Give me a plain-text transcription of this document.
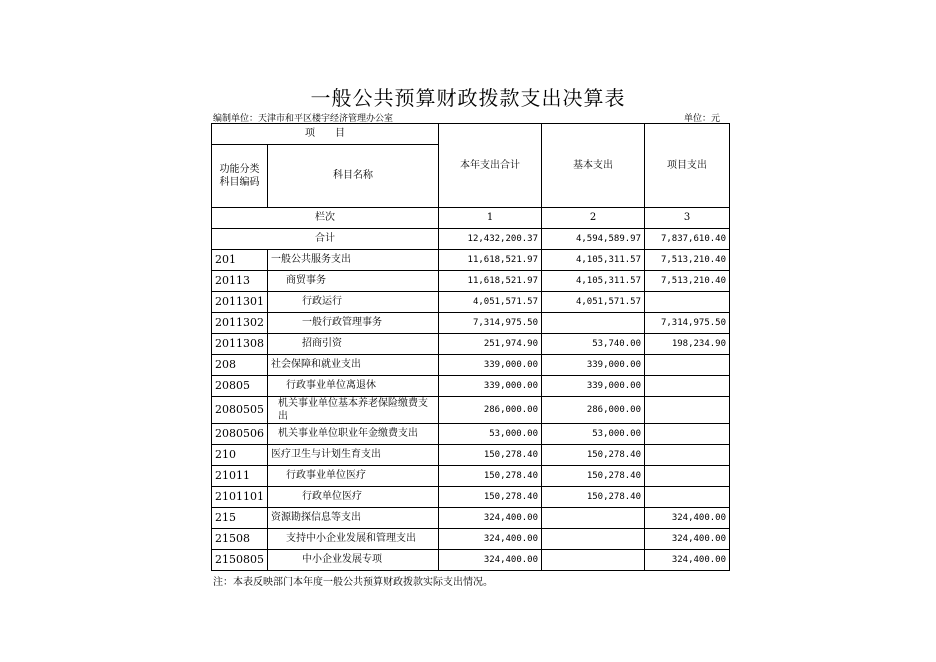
一般公共预算财政拨款支出决算表
编制单位：天津市和平区楼宇经济管理办公室	单位：元
项　　目		本年支出合计	基本支出	项目支出
功能分类科目编码	科目名称			
栏次		1	2	3
合计		12,432,200.37	4,594,589.97	7,837,610.40
201	一般公共服务支出	11,618,521.97	4,105,311.57	7,513,210.40
20113	商贸事务	11,618,521.97	4,105,311.57	7,513,210.40
2011301	行政运行	4,051,571.57	4,051,571.57	
2011302	一般行政管理事务	7,314,975.50		7,314,975.50
2011308	招商引资	251,974.90	53,740.00	198,234.90
208	社会保障和就业支出	339,000.00	339,000.00	
20805	行政事业单位离退休	339,000.00	339,000.00	
2080505	机关事业单位基本养老保险缴费支出	286,000.00	286,000.00	
2080506	机关事业单位职业年金缴费支出	53,000.00	53,000.00	
210	医疗卫生与计划生育支出	150,278.40	150,278.40	
21011	行政事业单位医疗	150,278.40	150,278.40	
2101101	行政单位医疗	150,278.40	150,278.40	
215	资源勘探信息等支出	324,400.00		324,400.00
21508	支持中小企业发展和管理支出	324,400.00		324,400.00
2150805	中小企业发展专项	324,400.00		324,400.00
注：本表反映部门本年度一般公共预算财政拨款实际支出情况。
